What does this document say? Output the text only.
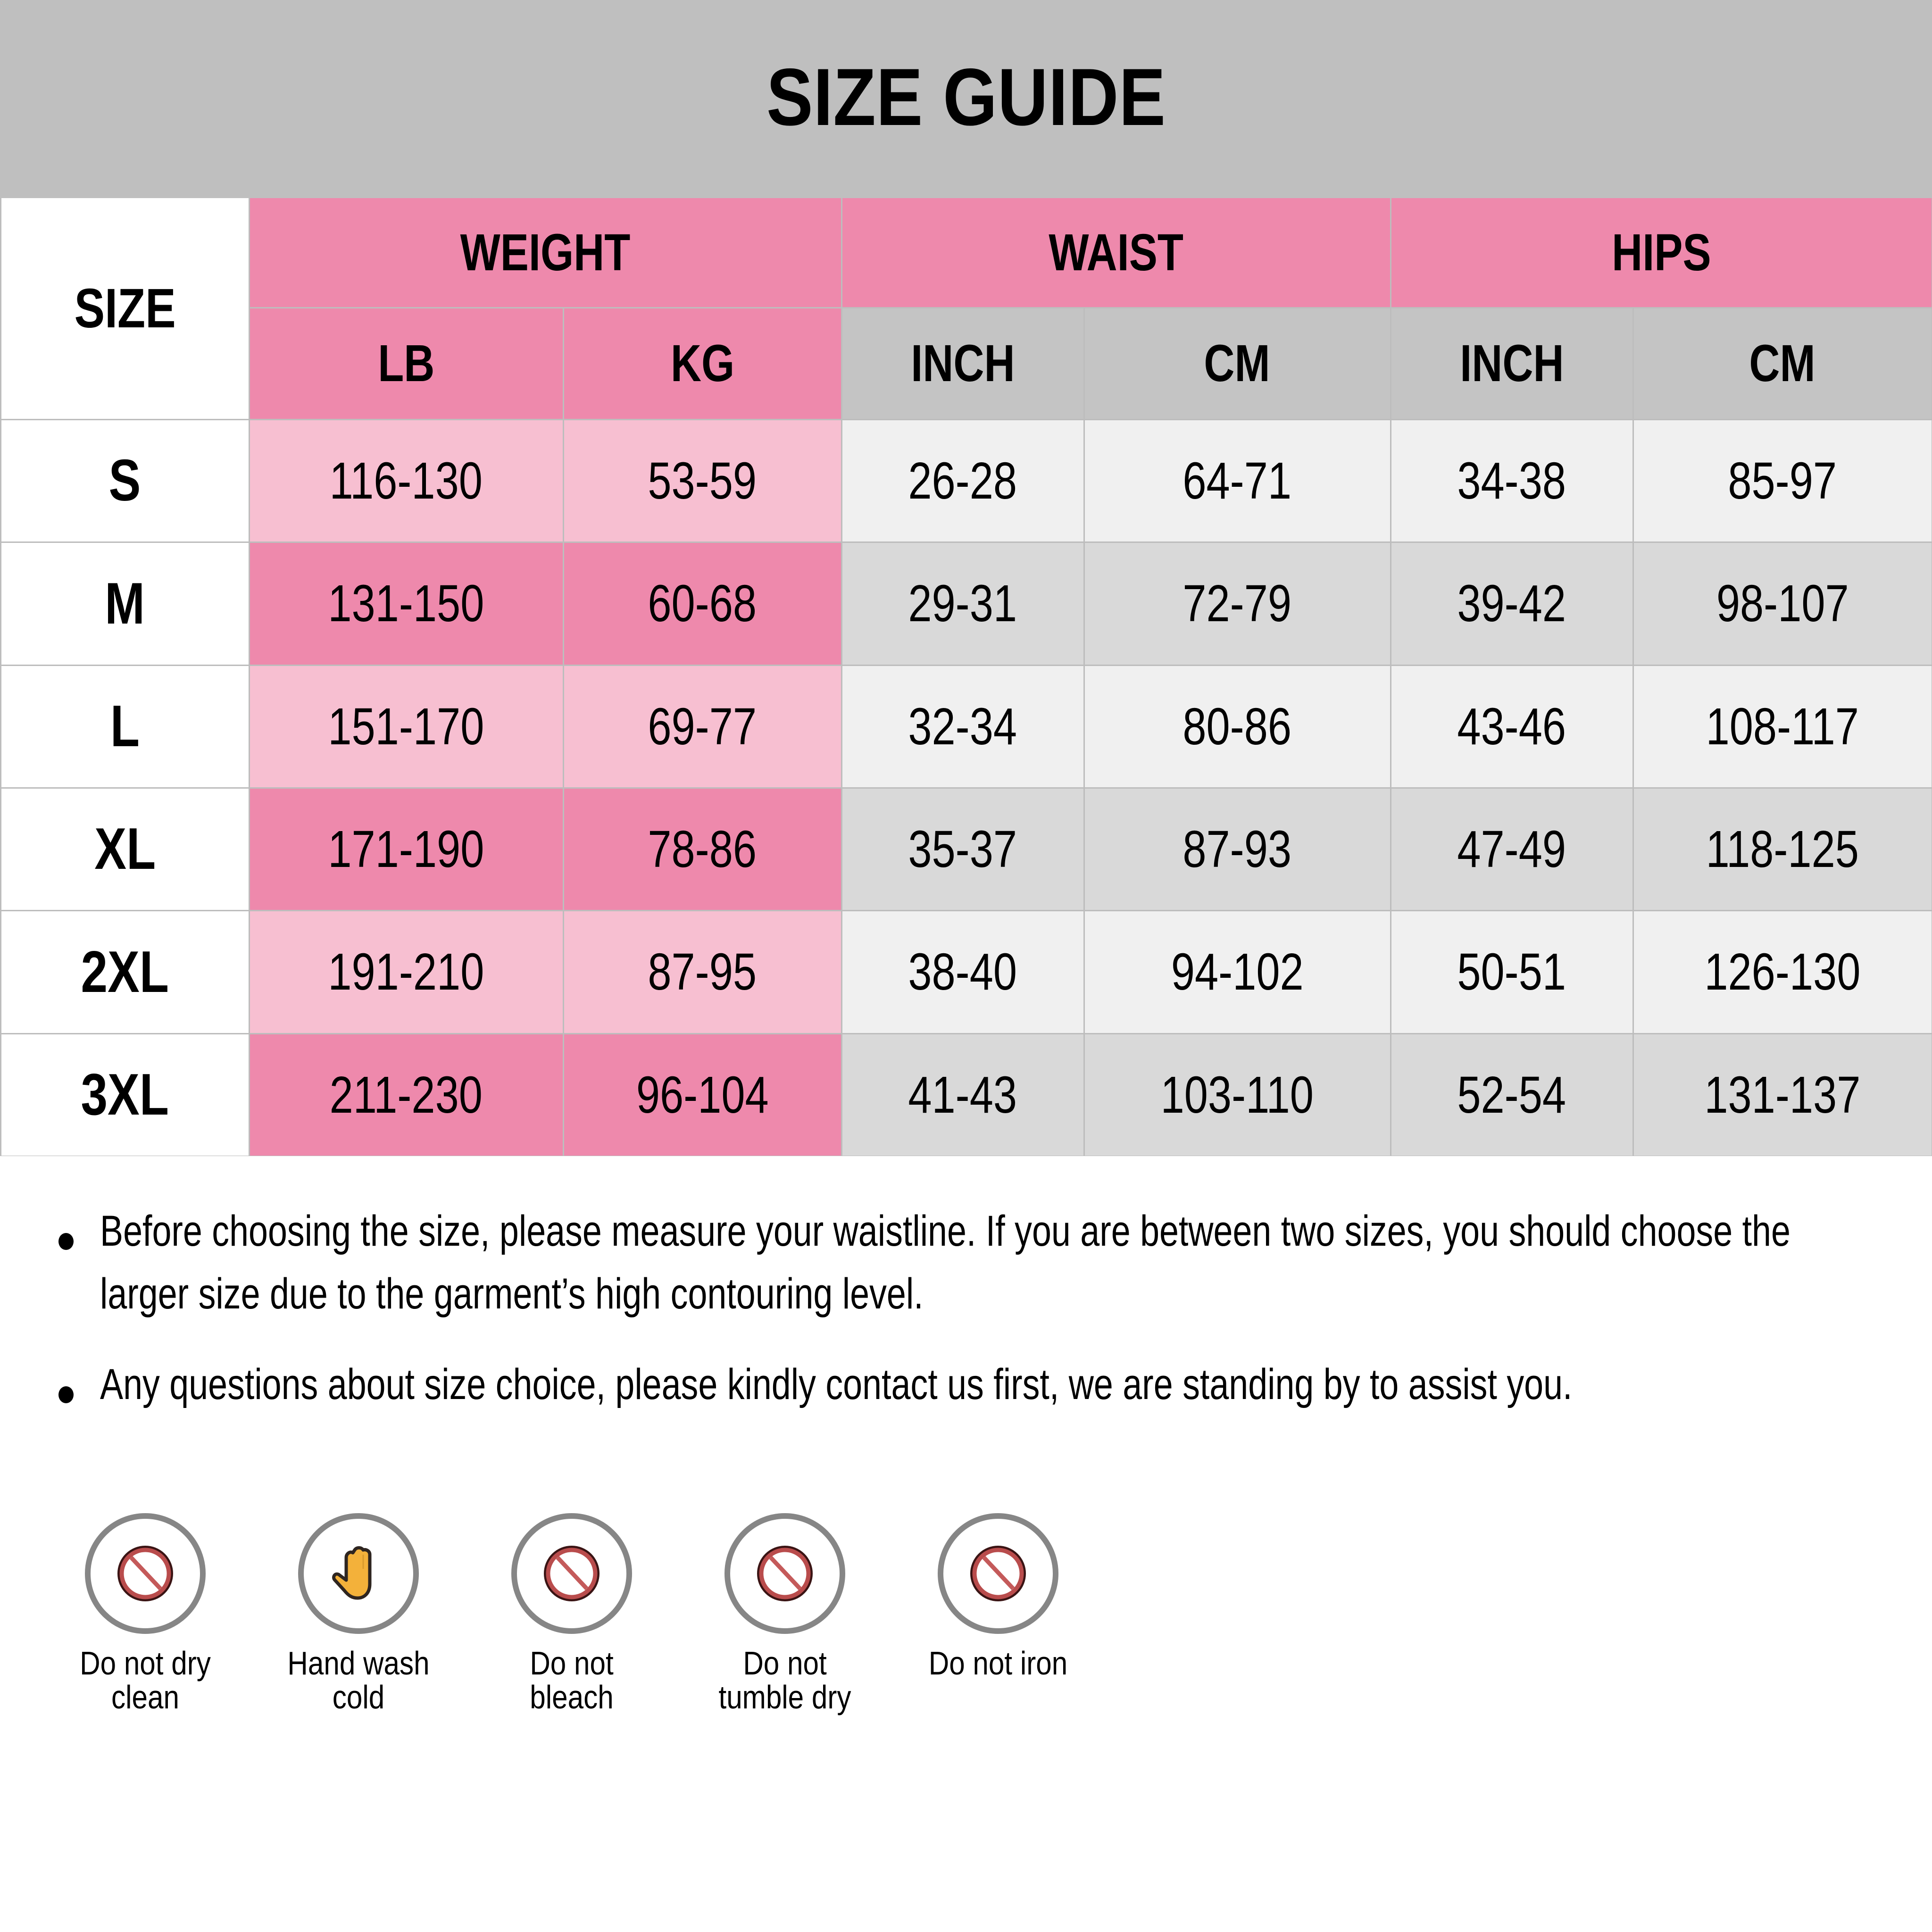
SIZE GUIDE
SIZE
WEIGHT
LB	KG
WAIST
INCH	CM
HIPS
INCH	CM
S	116-130	53-59	26-28	64-71	34-38	85-97
M	131-150	60-68	29-31	72-79	39-42	98-107
L	151-170	69-77	32-34	80-86	43-46	108-117
XL	171-190	78-86	35-37	87-93	47-49	118-125
2XL	191-210	87-95	38-40	94-102	50-51	126-130
3XL	211-230	96-104	41-43	103-110	52-54	131-137
Before choosing the size, please measure your waistline. If you are between two sizes, you should choose the
larger size due to the garment’s high contouring level.
Any questions about size choice, please kindly contact us first, we are standing by to assist you.
Do not dry
clean
Hand wash
cold
Do not
bleach
Do not
tumble dry
Do not iron
